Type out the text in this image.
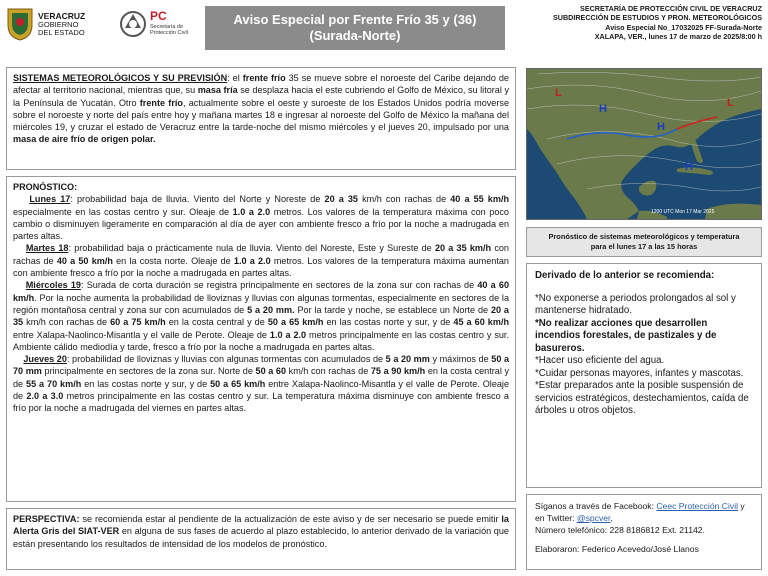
VERACRUZ
GOBIERNO
DEL ESTADO
PC
Secretaría de
Protección Civil
Aviso Especial por Frente Frío 35 y (36)
(Surada-Norte)
SECRETARÍA DE PROTECCIÓN CIVIL DE VERACRUZ
SUBDIRECCIÓN DE ESTUDIOS Y PRON. METEOROLÓGICOS
Aviso Especial No_17032025 FF-Surada-Norte
XALAPA, VER., lunes 17 de marzo de 2025/8:00 h

SISTEMAS METEOROLÓGICOS Y SU PREVISIÓN: el frente frío 35 se mueve sobre el noroeste del Caribe dejando de afectar al territorio nacional, mientras que, su masa fría se desplaza hacia el este cubriendo el Golfo de México, su litoral y la Península de Yucatán. Otro frente frío, actualmente sobre el oeste y suroeste de los Estados Unidos podría moverse sobre el noroeste y norte del país entre hoy y mañana martes 18 e ingresar al noroeste del Golfo de México la mañana del miércoles 19, y cruzar el estado de Veracruz entre la tarde-noche del mismo miércoles y el jueves 20, impulsado por una masa de aire frío de origen polar.

PRONÓSTICO:

Lunes 17: probabilidad baja de lluvia. Viento del Norte y Noreste de 20 a 35 km/h con rachas de 40 a 55 km/h especialmente en las costas centro y sur. Oleaje de 1.0 a 2.0 metros. Los valores de la temperatura máxima con poco cambio o disminuyen ligeramente en comparación al día de ayer con ambiente fresco a frío por la noche a madrugada en partes altas.

Martes 18: probabilidad baja o prácticamente nula de lluvia. Viento del Noreste, Este y Sureste de 20 a 35 km/h con rachas de 40 a 50 km/h en la costa norte. Oleaje de 1.0 a 2.0 metros. Los valores de la temperatura máxima aumentan con ambiente fresco a frío por la noche a madrugada en partes altas.

Miércoles 19: Surada de corta duración se registra principalmente en sectores de la zona sur con rachas de 40 a 60 km/h. Por la noche aumenta la probabilidad de lloviznas y lluvias con algunas tormentas, especialmente en sectores de la región montañosa central y zona sur con acumulados de 5 a 20 mm. Por la tarde y noche, se establece un Norte de 20 a 35 km/h con rachas de 60 a 75 km/h en la costa central y de 50 a 65 km/h en las costas norte y sur, y de 45 a 60 km/h entre Xalapa-Naolinco-Misantla y el valle de Perote. Oleaje de 1.0 a 2.0 metros principalmente en las costas centro y sur. Ambiente cálido mediodía y tarde, fresco a frío por la noche a madrugada en partes altas.

Jueves 20: probabilidad de lloviznas y lluvias con algunas tormentas con acumulados de 5 a 20 mm y máximos de 50 a 70 mm principalmente en sectores de la zona sur. Norte de 50 a 60 km/h con rachas de 75 a 90 km/h en la costa central y de 55 a 70 km/h en las costas norte y sur, y de 50 a 65 km/h entre Xalapa-Naolinco-Misantla y el valle de Perote. Oleaje de 2.0 a 3.0 metros principalmente en las costas centro y sur. La temperatura máxima disminuye con ambiente fresco a frío por la noche a madrugada del viernes en partes altas.

PERSPECTIVA: se recomienda estar al pendiente de la actualización de este aviso y de ser necesario se puede emitir la Alerta Gris del SIAT-VER en alguna de sus fases de acuerdo al plazo establecido, lo anterior derivado de la variación que están presentando los resultados de intensidad de los modelos de pronóstico.

H
H
H
L
L
1200 UTC Mon 17 Mar 2025
Pronóstico de sistemas meteorológicos y temperatura
para el lunes 17 a las 15 horas

Derivado de lo anterior se recomienda:

*No exponerse a periodos prolongados al sol y mantenerse hidratado.

*No realizar acciones que desarrollen incendios forestales, de pastizales y de basureros.

*Hacer uso eficiente del agua.

*Cuidar personas mayores, infantes y mascotas.

*Estar preparados ante la posible suspensión de servicios estratégicos, destechamientos, caída de árboles u otros objetos.

Síganos a través de Facebook: Ceec Protección Civil y en Twitter: @spcver,
Número telefónico: 228 8186812 Ext. 21142.
Elaboraron: Federico Acevedo/José Llanos
